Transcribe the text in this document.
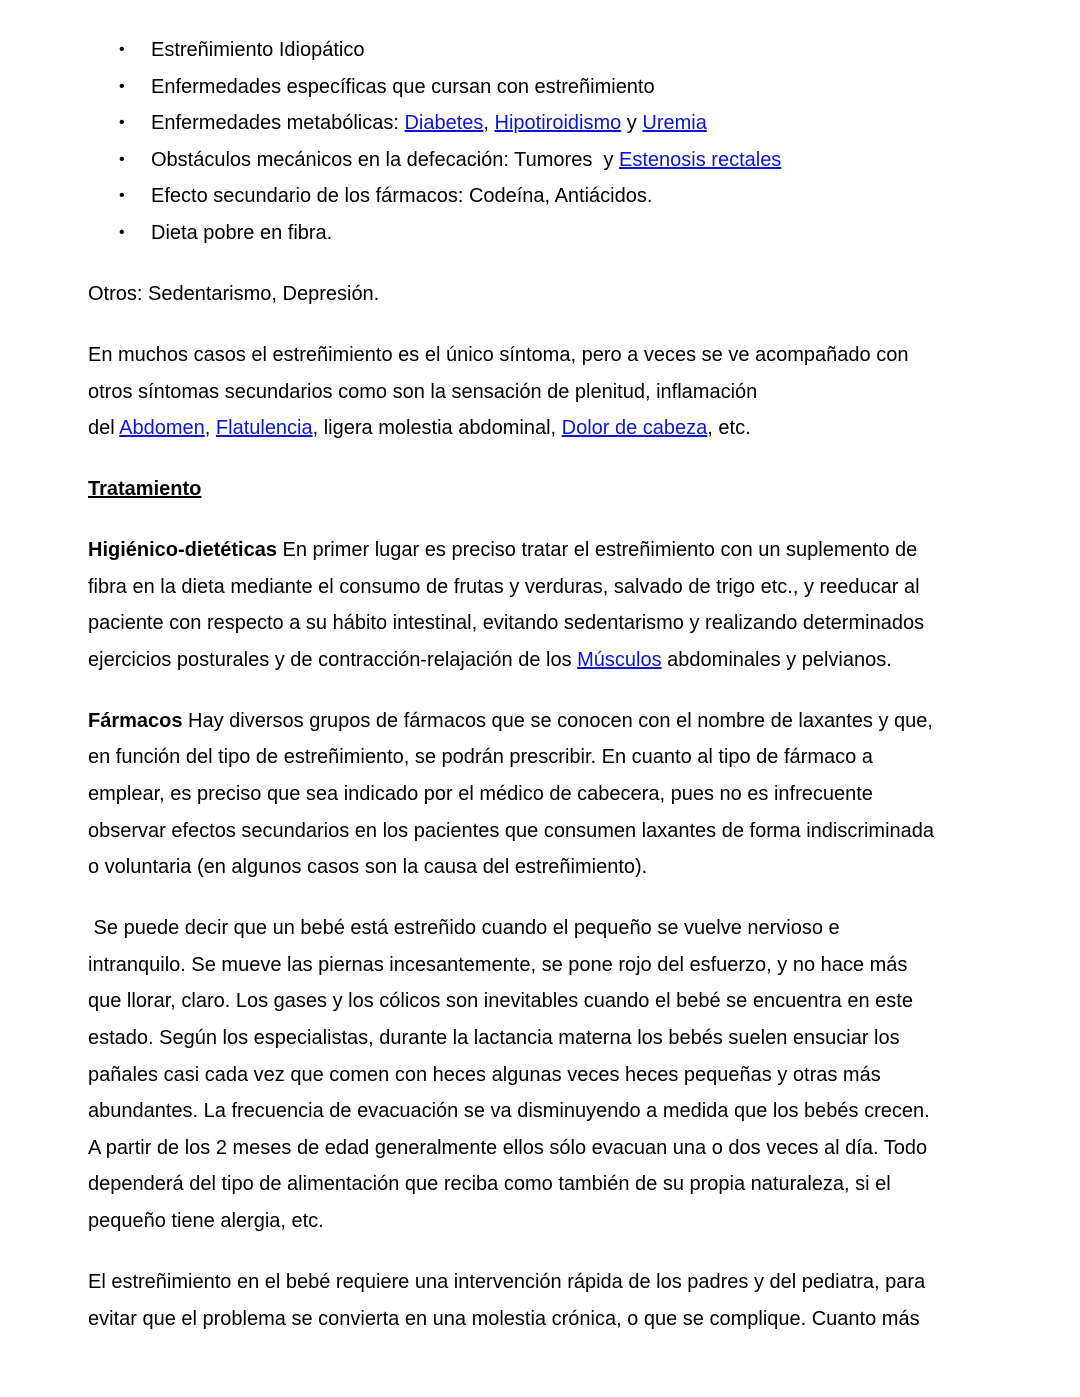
• Estreñimiento Idiopático
• Enfermedades específicas que cursan con estreñimiento
• Enfermedades metabólicas: Diabetes, Hipotiroidismo y Uremia
• Obstáculos mecánicos en la defecación: Tumores  y Estenosis rectales
• Efecto secundario de los fármacos: Codeína, Antiácidos.
• Dieta pobre en fibra.
Otros: Sedentarismo, Depresión.
En muchos casos el estreñimiento es el único síntoma, pero a veces se ve acompañado con
otros síntomas secundarios como son la sensación de plenitud, inflamación
del Abdomen, Flatulencia, ligera molestia abdominal, Dolor de cabeza, etc.
Tratamiento
Higiénico-dietéticas En primer lugar es preciso tratar el estreñimiento con un suplemento de
fibra en la dieta mediante el consumo de frutas y verduras, salvado de trigo etc., y reeducar al
paciente con respecto a su hábito intestinal, evitando sedentarismo y realizando determinados
ejercicios posturales y de contracción-relajación de los Músculos abdominales y pelvianos.
Fármacos Hay diversos grupos de fármacos que se conocen con el nombre de laxantes y que,
en función del tipo de estreñimiento, se podrán prescribir. En cuanto al tipo de fármaco a
emplear, es preciso que sea indicado por el médico de cabecera, pues no es infrecuente
observar efectos secundarios en los pacientes que consumen laxantes de forma indiscriminada
o voluntaria (en algunos casos son la causa del estreñimiento).
Se puede decir que un bebé está estreñido cuando el pequeño se vuelve nervioso e
intranquilo. Se mueve las piernas incesantemente, se pone rojo del esfuerzo, y no hace más
que llorar, claro. Los gases y los cólicos son inevitables cuando el bebé se encuentra en este
estado. Según los especialistas, durante la lactancia materna los bebés suelen ensuciar los
pañales casi cada vez que comen con heces algunas veces heces pequeñas y otras más
abundantes. La frecuencia de evacuación se va disminuyendo a medida que los bebés crecen.
A partir de los 2 meses de edad generalmente ellos sólo evacuan una o dos veces al día. Todo
dependerá del tipo de alimentación que reciba como también de su propia naturaleza, si el
pequeño tiene alergia, etc.
El estreñimiento en el bebé requiere una intervención rápida de los padres y del pediatra, para
evitar que el problema se convierta en una molestia crónica, o que se complique. Cuanto más
